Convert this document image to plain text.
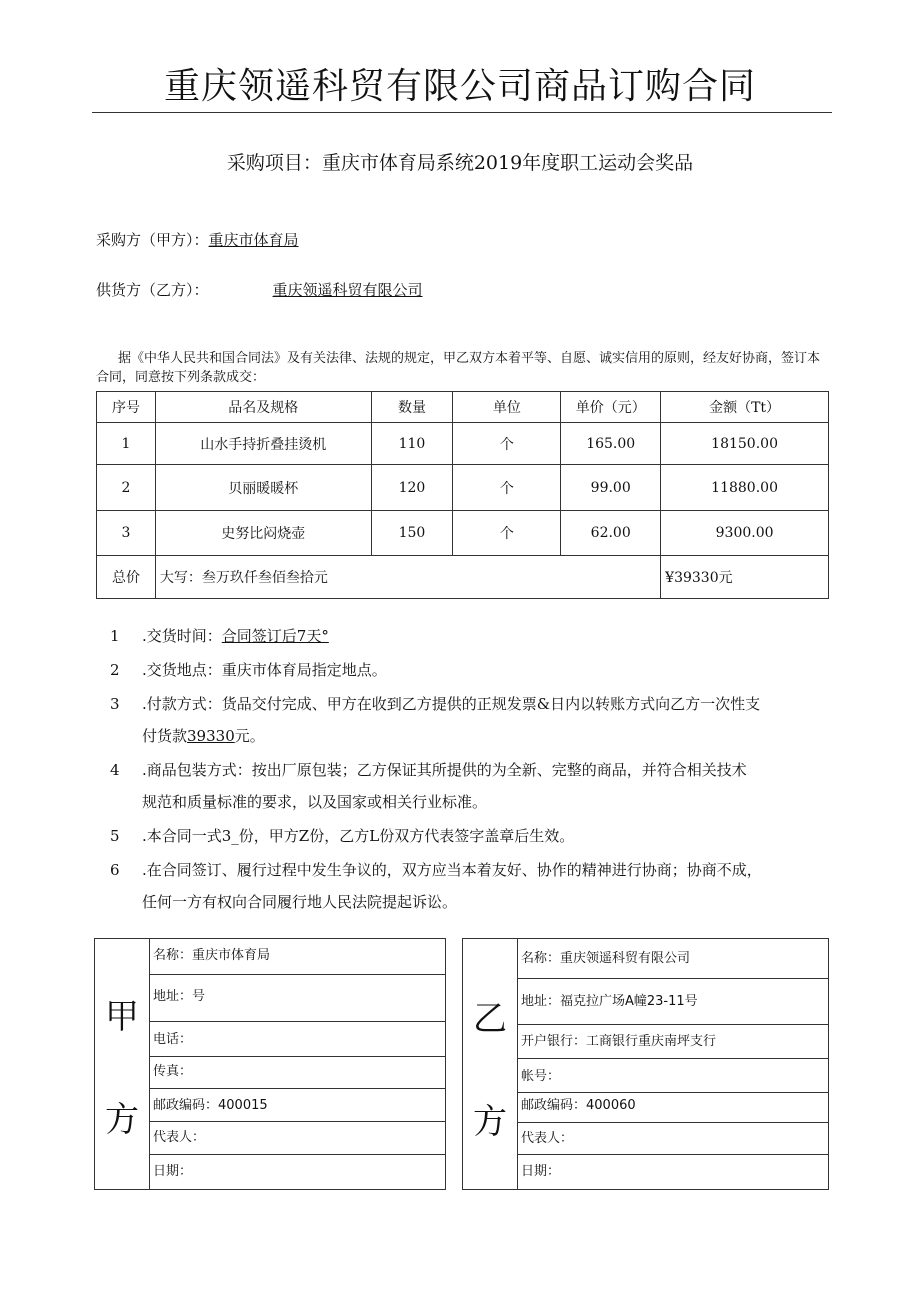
重庆领遥科贸有限公司商品订购合同
采购项目：重庆市体育局系统2019年度职工运动会奖品
采购方（甲方）：重庆市体育局
供货方（乙方）：	重庆领遥科贸有限公司
据《中华人民共和国合同法》及有关法律、法规的规定，甲乙双方本着平等、自愿、诚实信用的原则，经友好协商，签订本合同，同意按下列条款成交：
序号	品名及规格	数量	单位	单价（元）	金额（Tt）
1	山水手持折叠挂烫机	110	个	165.00	18150.00
2	贝丽暖暖杯	120	个	99.00	11880.00
3	史努比闷烧壶	150	个	62.00	9300.00
总价	大写：叁万玖仟叁佰叁拾元				¥39330元
1	.交货时间：合同签订后7天°
2	.交货地点：重庆市体育局指定地点。
3	.付款方式：货品交付完成、甲方在收到乙方提供的正规发票&日内以转账方式向乙方一次性支
付货款39330元。
4	.商品包装方式：按出厂原包装；乙方保证其所提供的为全新、完整的商品，并符合相关技术
规范和质量标准的要求，以及国家或相关行业标准。
5	.本合同一式3_份，甲方Z份，乙方L份双方代表签字盖章后生效。
6	.在合同签订、履行过程中发生争议的，双方应当本着友好、协作的精神进行协商；协商不成，
任何一方有权向合同履行地人民法院提起诉讼。
甲
方
名称：重庆市体育局
地址：号
电话：
传真：
邮政编码：400015
代表人：
日期：
乙
方
名称：重庆领遥科贸有限公司
地址：福克拉广场A幢23-11号
开户银行：工商银行重庆南坪支行
帐号：
邮政编码：400060
代表人：
日期：
